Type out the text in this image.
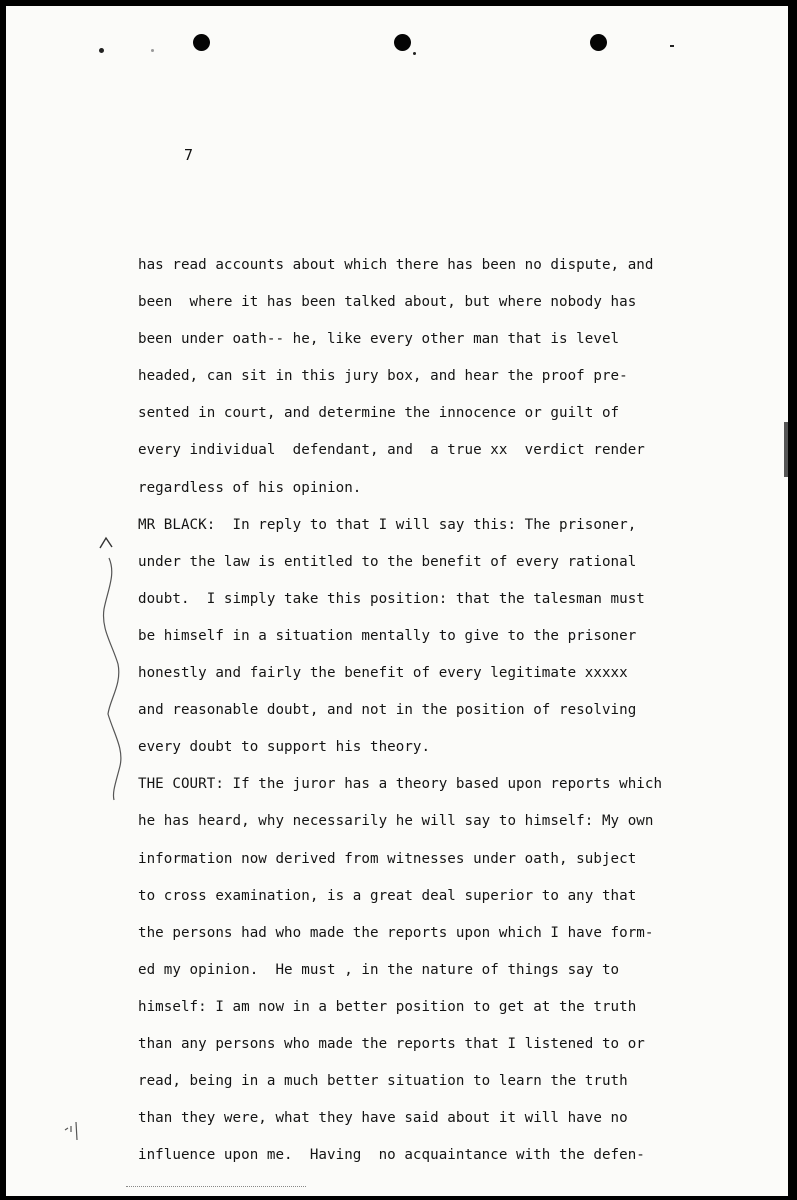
7
has read accounts about which there has been no dispute, and
been  where it has been talked about, but where nobody has
been under oath-- he, like every other man that is level
headed, can sit in this jury box, and hear the proof pre-
sented in court, and determine the innocence or guilt of
every individual  defendant, and  a true xx  verdict render
regardless of his opinion.
MR BLACK:  In reply to that I will say this: The prisoner,
under the law is entitled to the benefit of every rational
doubt.  I simply take this position: that the talesman must
be himself in a situation mentally to give to the prisoner
honestly and fairly the benefit of every legitimate xxxxx
and reasonable doubt, and not in the position of resolving
every doubt to support his theory.
THE COURT: If the juror has a theory based upon reports which
he has heard, why necessarily he will say to himself: My own
information now derived from witnesses under oath, subject
to cross examination, is a great deal superior to any that
the persons had who made the reports upon which I have form-
ed my opinion.  He must , in the nature of things say to
himself: I am now in a better position to get at the truth
than any persons who made the reports that I listened to or
read, being in a much better situation to learn the truth
than they were, what they have said about it will have no
influence upon me.  Having  no acquaintance with the defen-
